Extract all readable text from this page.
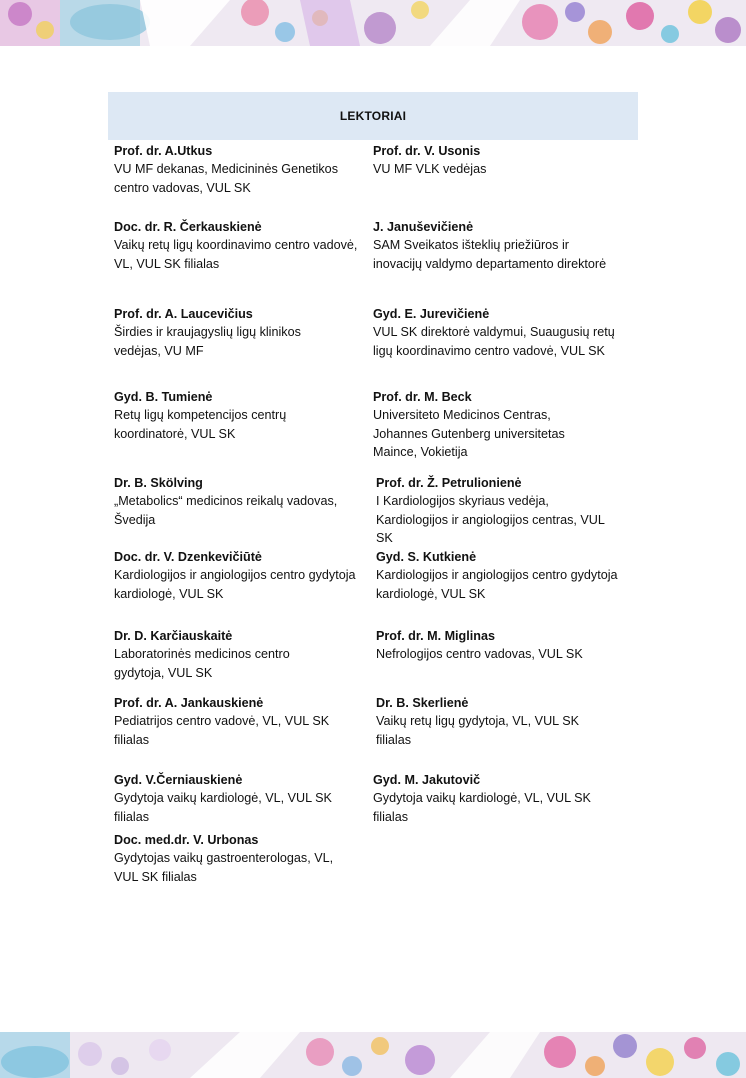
LEKTORIAI
Prof. dr. A.Utkus
VU MF dekanas, Medicininės Genetikos centro vadovas, VUL SK
Prof. dr. V. Usonis
VU MF VLK vedėjas
Doc. dr. R. Čerkauskienė
Vaikų retų ligų koordinavimo centro vadovė, VL, VUL SK filialas
J. Januševičienė
SAM Sveikatos išteklių priežiūros ir inovacijų valdymo departamento direktorė
Prof. dr. A. Laucevičius
Širdies ir kraujagyslių ligų klinikos vedėjas, VU MF
Gyd. E. Jurevičienė
VUL SK direktorė valdymui, Suaugusių retų ligų koordinavimo centro vadovė, VUL SK
Gyd. B. Tumienė
Retų ligų kompetencijos centrų koordinatorė, VUL SK
Prof. dr. M. Beck
Universiteto Medicinos Centras, Johannes Gutenberg universitetas Maince, Vokietija
Dr. B. Skölving
„Metabolics“ medicinos reikalų vadovas, Švedija
Prof. dr. Ž. Petrulionienė
I Kardiologijos skyriaus vedėja, Kardiologijos ir angiologijos centras, VUL SK
Doc. dr. V. Dzenkevičiūtė
Kardiologijos ir angiologijos centro gydytoja kardiologė, VUL SK
Gyd. S. Kutkienė
Kardiologijos ir angiologijos centro gydytoja kardiologė, VUL SK
Dr. D. Karčiauskaitė
Laboratorinės medicinos centro gydytoja, VUL SK
Prof. dr. M. Miglinas
Nefrologijos centro vadovas, VUL SK
Prof. dr. A. Jankauskienė
Pediatrijos centro vadovė, VL, VUL SK filialas
Dr. B. Skerlienė
Vaikų retų ligų gydytoja, VL, VUL SK filialas
Gyd. V.Černiauskienė
Gydytoja vaikų kardiologė, VL, VUL SK filialas
Gyd. M. Jakutovič
Gydytoja vaikų kardiologė, VL, VUL SK filialas
Doc. med.dr. V. Urbonas
Gydytojas vaikų gastroenterologas, VL, VUL SK filialas
